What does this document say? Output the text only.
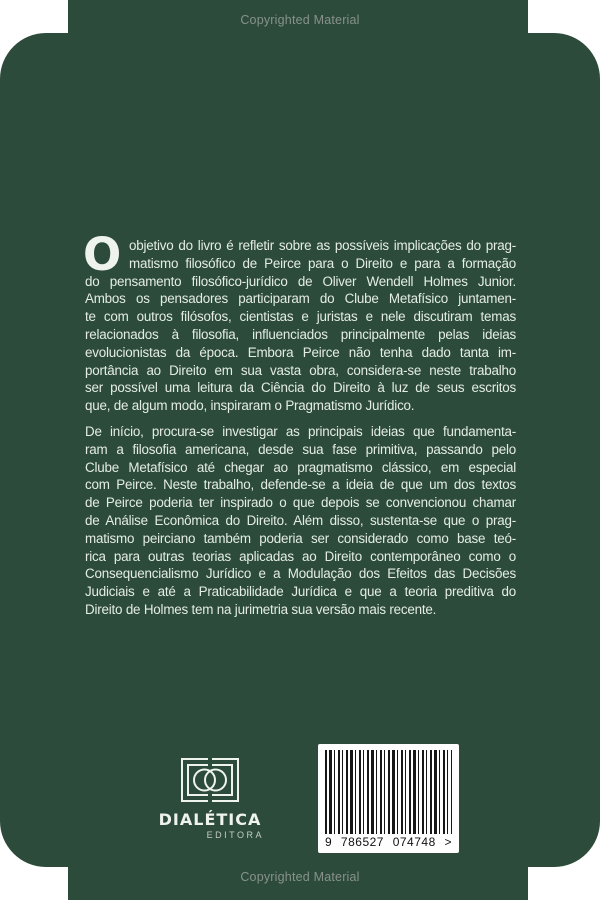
Copyrighted Material
Copyrighted Material
O objetivo do livro é refletir sobre as possíveis implicações do prag-
matismo filosófico de Peirce para o Direito e para a formação
do pensamento filosófico-jurídico de Oliver Wendell Holmes Junior.
Ambos os pensadores participaram do Clube Metafísico juntamen-
te com outros filósofos, cientistas e juristas e nele discutiram temas
relacionados à filosofia, influenciados principalmente pelas ideias
evolucionistas da época. Embora Peirce não tenha dado tanta im-
portância ao Direito em sua vasta obra, considera-se neste trabalho
ser possível uma leitura da Ciência do Direito à luz de seus escritos
que, de algum modo, inspiraram o Pragmatismo Jurídico.
De início, procura-se investigar as principais ideias que fundamenta-
ram a filosofia americana, desde sua fase primitiva, passando pelo
Clube Metafísico até chegar ao pragmatismo clássico, em especial
com Peirce. Neste trabalho, defende-se a ideia de que um dos textos
de Peirce poderia ter inspirado o que depois se convencionou chamar
de Análise Econômica do Direito. Além disso, sustenta-se que o prag-
matismo peirciano também poderia ser considerado como base teó-
rica para outras teorias aplicadas ao Direito contemporâneo como o
Consequencialismo Jurídico e a Modulação dos Efeitos das Decisões
Judiciais e até a Praticabilidade Jurídica e que a teoria preditiva do
Direito de Holmes tem na jurimetria sua versão mais recente.
DIALÉTICA
EDITORA	9 786527 074748 >
